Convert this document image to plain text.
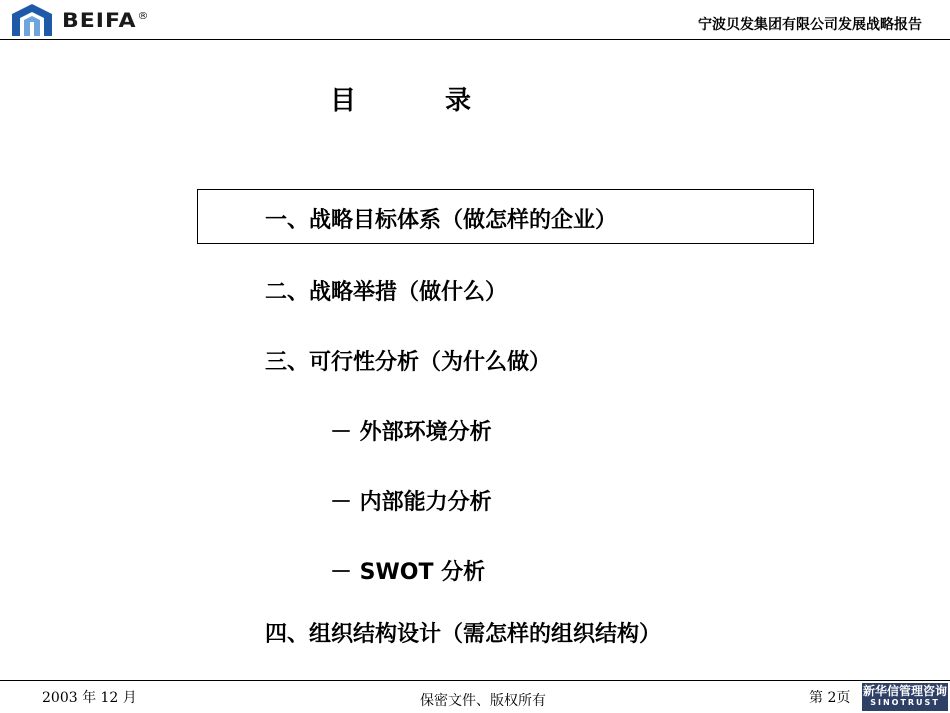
BEIFA®
宁波贝发集团有限公司发展战略报告
目 录
一、战略目标体系（做怎样的企业）
二、战略举措（做什么）
三、可行性分析（为什么做）
－ 外部环境分析
－ 内部能力分析
－ SWOT 分析
四、组织结构设计（需怎样的组织结构）
2003 年 12 月	保密文件、版权所有	第 2页 新华信管理咨询
SINOTRUST
